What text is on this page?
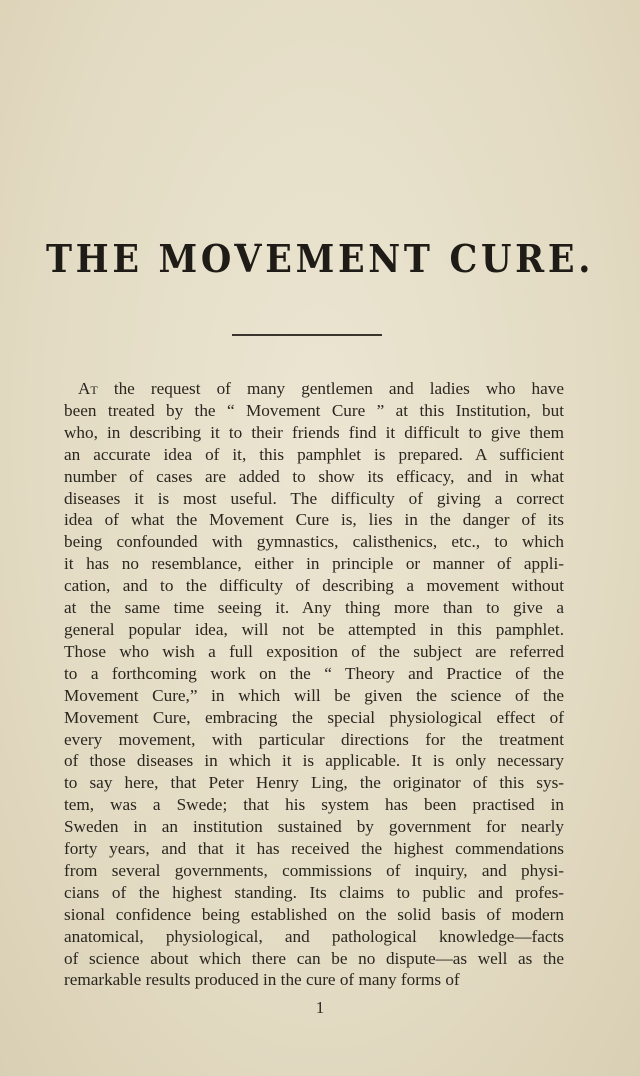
THE MOVEMENT CURE.
At the request of many gentlemen and ladies who have
been treated by the “ Movement Cure ” at this Institution, but
who, in describing it to their friends find it difficult to give them
an accurate idea of it, this pamphlet is prepared. A sufficient
number of cases are added to show its efficacy, and in what
diseases it is most useful. The difficulty of giving a correct
idea of what the Movement Cure is, lies in the danger of its
being confounded with gymnastics, calisthenics, etc., to which
it has no resemblance, either in principle or manner of appli-
cation, and to the difficulty of describing a movement without
at the same time seeing it. Any thing more than to give a
general popular idea, will not be attempted in this pamphlet.
Those who wish a full exposition of the subject are referred
to a forthcoming work on the “ Theory and Practice of the
Movement Cure,” in which will be given the science of the
Movement Cure, embracing the special physiological effect of
every movement, with particular directions for the treatment
of those diseases in which it is applicable. It is only necessary
to say here, that Peter Henry Ling, the originator of this sys-
tem, was a Swede; that his system has been practised in
Sweden in an institution sustained by government for nearly
forty years, and that it has received the highest commendations
from several governments, commissions of inquiry, and physi-
cians of the highest standing. Its claims to public and profes-
sional confidence being established on the solid basis of modern
anatomical, physiological, and pathological knowledge—facts
of science about which there can be no dispute—as well as the
remarkable results produced in the cure of many forms of
1
